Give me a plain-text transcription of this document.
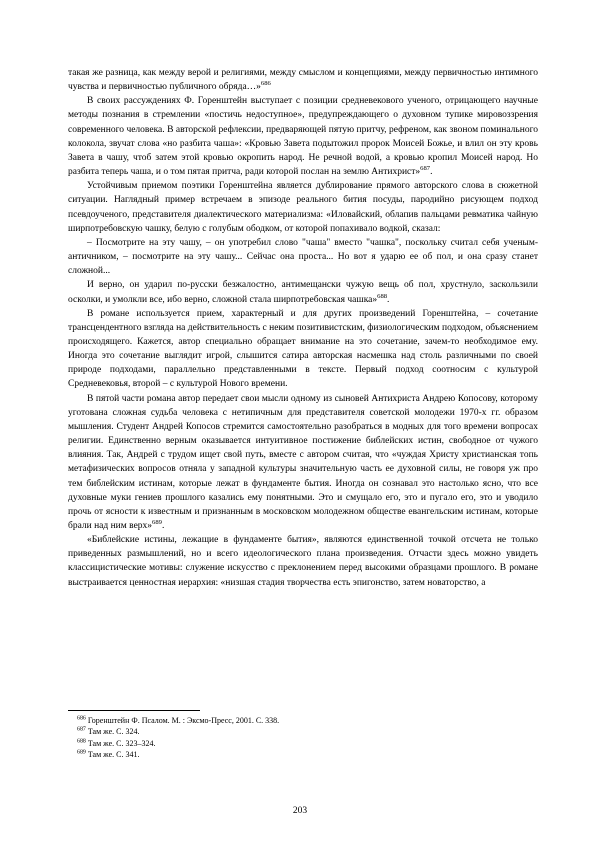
такая же разница, как между верой и религиями, между смыслом и концепциями, между первичностью интимного чувства и первичностью публичного обряда…»$^{686}$

В своих рассуждениях Ф. Горенштейн выступает с позиции средневекового ученого, отрицающего научные методы познания в стремлении «постичь недоступное», предупреждающего о духовном тупике мировоззрения современного человека. В авторской рефлексии, предваряющей пятую притчу, рефреном, как звоном поминального колокола, звучат слова «но разбита чаша»: «Кровью Завета подытожил пророк Моисей Божье, и влил он эту кровь Завета в чашу, чтоб затем этой кровью окропить народ. Не речной водой, а кровью кропил Моисей народ. Но разбита теперь чаша, и о том пятая притча, ради которой послан на землю Антихрист»$^{687}$.

Устойчивым приемом поэтики Горенштейна является дублирование прямого авторского слова в сюжетной ситуации. Наглядный пример встречаем в эпизоде реального бития посуды, пародийно рисующем подход псевдоученого, представителя диалектического материализма: «Иловайский, облапив пальцами ревматика чайную ширпотребовскую чашку, белую с голубым ободком, от которой попахивало водкой, сказал:

– Посмотрите на эту чашу, – он употребил слово "чаша" вместо "чашка", поскольку считал себя ученым-античником, – посмотрите на эту чашу... Сейчас она проста... Но вот я ударю ее об пол, и она сразу станет сложной...

И верно, он ударил по-русски безжалостно, антимещански чужую вещь об пол, хрустнуло, заскользили осколки, и умолкли все, ибо верно, сложной стала ширпотребовская чашка»$^{688}$.

В романе используется прием, характерный и для других произведений Горенштейна, – сочетание трансцендентного взгляда на действительность с неким позитивистским, физиологическим подходом, объяснением происходящего. Кажется, автор специально обращает внимание на это сочетание, зачем-то необходимое ему. Иногда это сочетание выглядит игрой, слышится сатира авторская насмешка над столь различными по своей природе подходами, параллельно представленными в тексте. Первый подход соотносим с культурой Средневековья, второй – с культурой Нового времени.

В пятой части романа автор передает свои мысли одному из сыновей Антихриста Андрею Копосову, которому уготована сложная судьба человека с нетипичным для представителя советской молодежи 1970-х гг. образом мышления. Студент Андрей Копосов стремится самостоятельно разобраться в модных для того времени вопросах религии. Единственно верным оказывается интуитивное постижение библейских истин, свободное от чужого влияния. Так, Андрей с трудом ищет свой путь, вместе с автором считая, что «чуждая Христу христианская топь метафизических вопросов отняла у западной культуры значительную часть ее духовной силы, не говоря уж про тем библейским истинам, которые лежат в фундаменте бытия. Иногда он сознавал это настолько ясно, что все духовные муки гениев прошлого казались ему понятными. Это и смущало его, это и пугало его, это и уводило прочь от ясности к известным и признанным в московском молодежном обществе евангельским истинам, которые брали над ним верх»$^{689}$.

«Библейские истины, лежащие в фундаменте бытия», являются единственной точкой отсчета не только приведенных размышлений, но и всего идеологического плана произведения. Отчасти здесь можно увидеть классицистические мотивы: служение искусство с преклонением перед высокими образцами прошлого. В романе выстраивается ценностная иерархия: «низшая стадия творчества есть эпигонство, затем новаторство, а

$^{686}$ Горенштейн Ф. Псалом. М. : Эксмо-Пресс, 2001. С. 338.

$^{687}$ Там же. С. 324.

$^{688}$ Там же. С. 323–324.

$^{689}$ Там же. С. 341.

203
